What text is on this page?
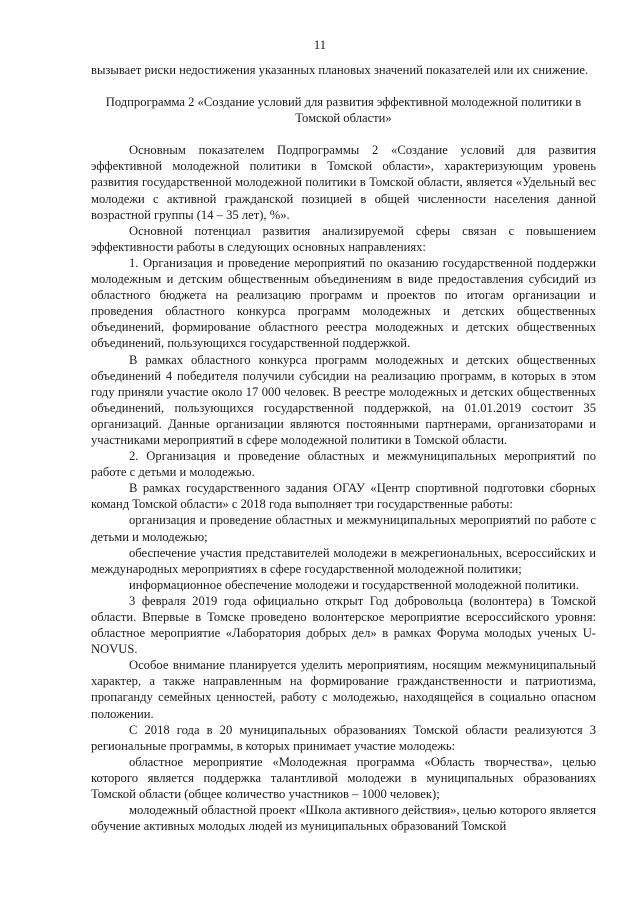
11

вызывает риски недостижения указанных плановых значений показателей или их снижение.

Подпрограмма 2 «Создание условий для развития эффективной молодежной политики в Томской области»

Основным показателем Подпрограммы 2 «Создание условий для развития эффективной молодежной политики в Томской области», характеризующим уровень развития государственной молодежной политики в Томской области, является «Удельный вес молодежи с активной гражданской позицией в общей численности населения данной возрастной группы (14 – 35 лет), %».

Основной потенциал развития анализируемой сферы связан с повышением эффективности работы в следующих основных направлениях:

1. Организация и проведение мероприятий по оказанию государственной поддержки молодежным и детским общественным объединениям в виде предоставления субсидий из областного бюджета на реализацию программ и проектов по итогам организации и проведения областного конкурса программ молодежных и детских общественных объединений, формирование областного реестра молодежных и детских общественных объединений, пользующихся государственной поддержкой.

В рамках областного конкурса программ молодежных и детских общественных объединений 4 победителя получили субсидии на реализацию программ, в которых в этом году приняли участие около 17 000 человек. В реестре молодежных и детских общественных объединений, пользующихся государственной поддержкой, на 01.01.2019 состоит 35 организаций. Данные организации являются постоянными партнерами, организаторами и участниками мероприятий в сфере молодежной политики в Томской области.

2. Организация и проведение областных и межмуниципальных мероприятий по работе с детьми и молодежью.

В рамках государственного задания ОГАУ «Центр спортивной подготовки сборных команд Томской области» с 2018 года выполняет три государственные работы:

организация и проведение областных и межмуниципальных мероприятий по работе с детьми и молодежью;

обеспечение участия представителей молодежи в межрегиональных, всероссийских и международных мероприятиях в сфере государственной молодежной политики;

информационное обеспечение молодежи и государственной молодежной политики.

3 февраля 2019 года официально открыт Год добровольца (волонтера) в Томской области. Впервые в Томске проведено волонтерское мероприятие всероссийского уровня: областное мероприятие «Лаборатория добрых дел» в рамках Форума молодых ученых U-NOVUS.

Особое внимание планируется уделить мероприятиям, носящим межмуниципальный характер, а также направленным на формирование гражданственности и патриотизма, пропаганду семейных ценностей, работу с молодежью, находящейся в социально опасном положении.

С 2018 года в 20 муниципальных образованиях Томской области реализуются 3 региональные программы, в которых принимает участие молодежь:

областное мероприятие «Молодежная программа «Область творчества», целью которого является поддержка талантливой молодежи в муниципальных образованиях Томской области (общее количество участников – 1000 человек);

молодежный областной проект «Школа активного действия», целью которого является обучение активных молодых людей из муниципальных образований Томской
